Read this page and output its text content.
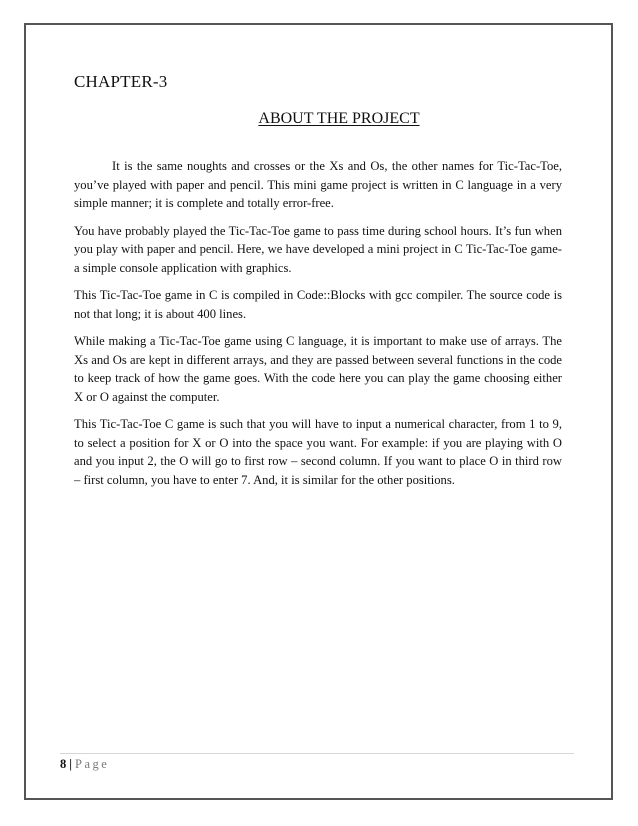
CHAPTER-3
ABOUT THE PROJECT

It is the same noughts and crosses or the Xs and Os, the other names for Tic-Tac-Toe, you’ve played with paper and pencil. This mini game project is written in C language in a very simple manner; it is complete and totally error-free.

You have probably played the Tic-Tac-Toe game to pass time during school hours. It’s fun when you play with paper and pencil. Here, we have developed a mini project in C Tic-Tac-Toe game- a simple console application with graphics.

This Tic-Tac-Toe game in C is compiled in Code::Blocks with gcc compiler. The source code is not that long; it is about 400 lines.

While making a Tic-Tac-Toe game using C language, it is important to make use of arrays. The Xs and Os are kept in different arrays, and they are passed between several functions in the code to keep track of how the game goes. With the code here you can play the game choosing either X or O against the computer.

This Tic-Tac-Toe C game is such that you will have to input a numerical character, from 1 to 9, to select a position for X or O into the space you want. For example: if you are playing with O and you input 2, the O will go to first row – second column. If you want to place O in third row – first column, you have to enter 7. And, it is similar for the other positions.

8 | Page
